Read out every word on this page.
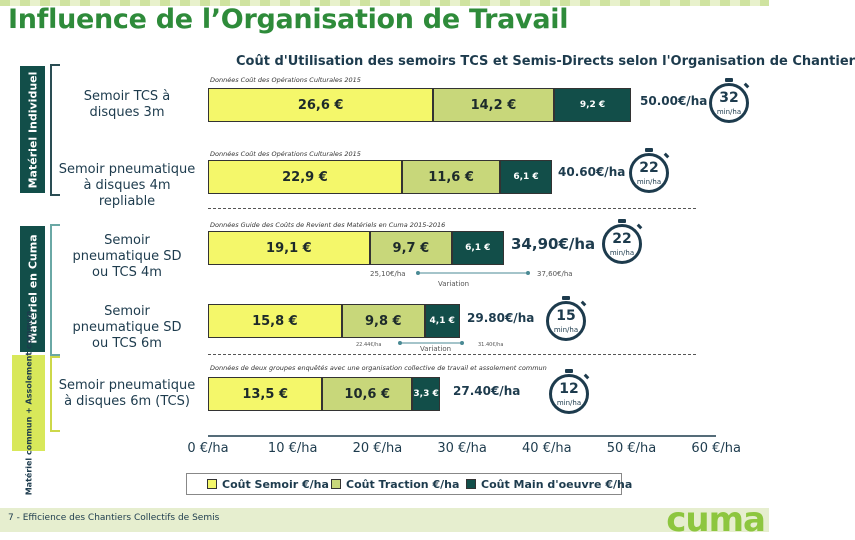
Influence de l’Organisation de Travail
Coût d'Utilisation des semoirs TCS et Semis-Directs selon l'Organisation de Chantier
Matériel Individuel
Matériel en Cuma
Matériel commun + Assolement commun
Semoir TCS à disques 3m
Semoir pneumatique à disques 4m repliable
Semoir pneumatique SD ou TCS 4m
Semoir pneumatique SD ou TCS 6m
Semoir pneumatique à disques 6m (TCS)
Données Coût des Opérations Culturales 2015
Données Coût des Opérations Culturales 2015
Données Guide des Coûts de Revient des Matériels en Cuma 2015-2016
Données de deux groupes enquêtés avec une organisation collective de travail et assolement commun
26,6 €	14,2 €	9,2 €
22,9 €	11,6 €	6,1 €
19,1 €	9,7 €	6,1 €
15,8 €	9,8 €	4,1 €
13,5 €	10,6 €	3,3 €
50.00€/ha
40.60€/ha
34,90€/ha
29.80€/ha
27.40€/ha
25,10€/ha	37,60€/ha
Variation
22.44€/ha	31.40€/ha
Variation
32
min/ha
22
min/ha
22
min/ha
15
min/ha
12
min/ha
0 €/ha	10 €/ha	20 €/ha	30 €/ha	40 €/ha	50 €/ha	60 €/ha
Coût Semoir €/ha	Coût Traction €/ha	Coût Main d'oeuvre €/ha
7 - Efficience des Chantiers Collectifs de Semis	cuma
